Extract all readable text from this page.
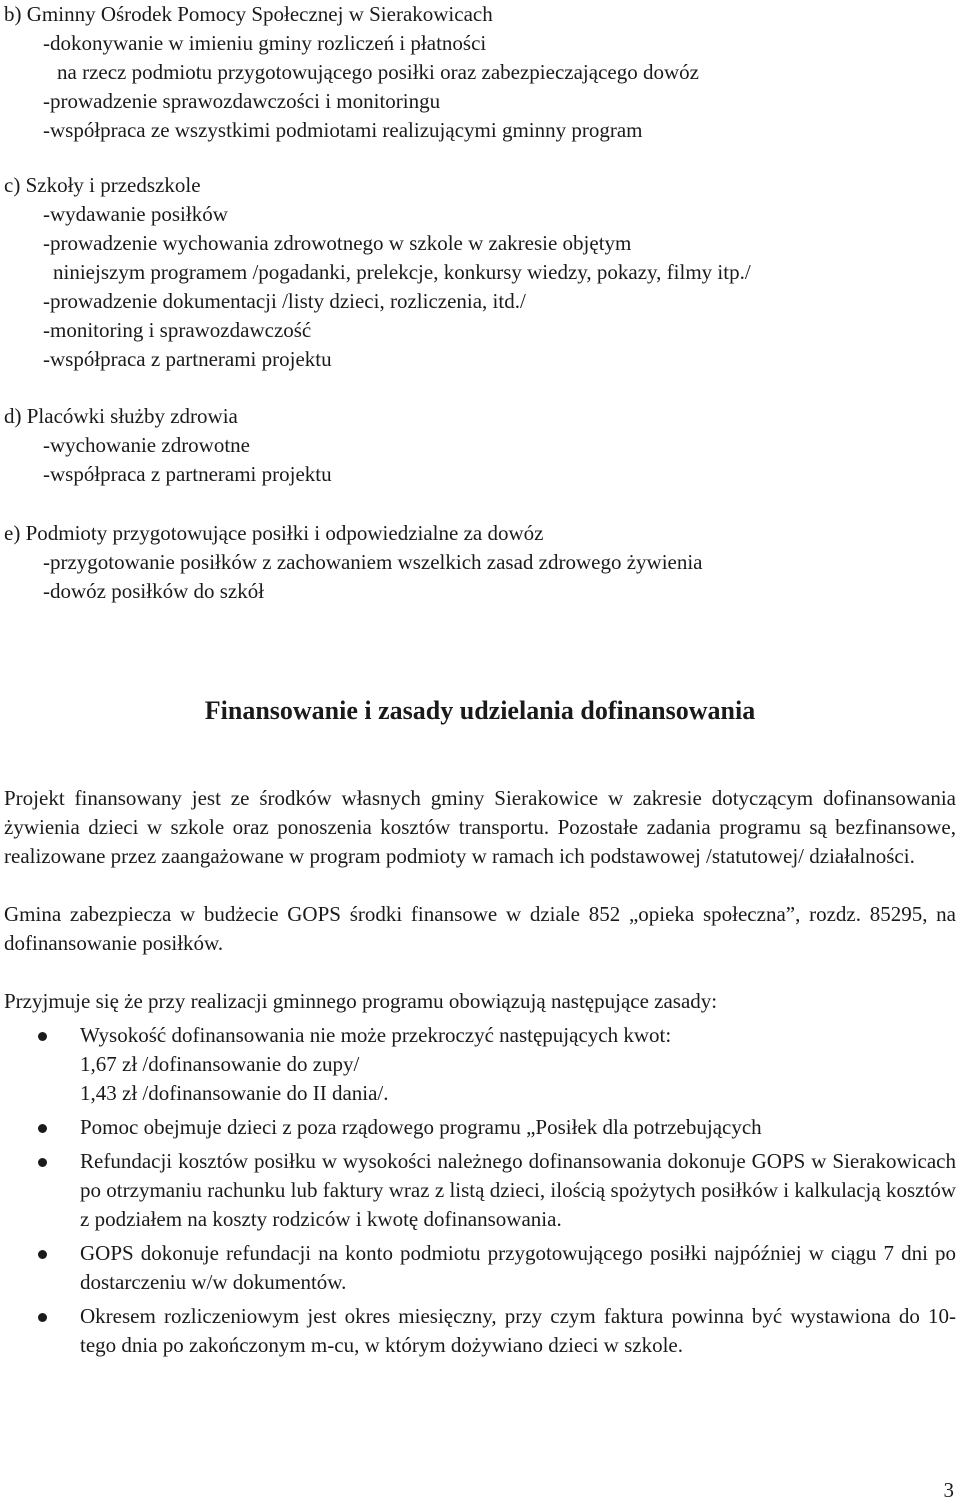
b) Gminny Ośrodek Pomocy Społecznej w Sierakowicach
-dokonywanie w imieniu gminy rozliczeń i płatności
na rzecz podmiotu przygotowującego posiłki oraz zabezpieczającego dowóz
-prowadzenie sprawozdawczości i monitoringu
-współpraca ze wszystkimi podmiotami realizującymi gminny program
c) Szkoły i przedszkole
-wydawanie posiłków
-prowadzenie wychowania zdrowotnego w szkole w zakresie objętym
niniejszym programem /pogadanki, prelekcje, konkursy wiedzy, pokazy, filmy itp./
-prowadzenie dokumentacji /listy dzieci, rozliczenia, itd./
-monitoring i sprawozdawczość
-współpraca z partnerami projektu
d) Placówki służby zdrowia
-wychowanie zdrowotne
-współpraca z partnerami projektu
e) Podmioty przygotowujące posiłki i odpowiedzialne za dowóz
-przygotowanie posiłków z zachowaniem wszelkich zasad zdrowego żywienia
-dowóz posiłków do szkół
Finansowanie i zasady udzielania dofinansowania
Projekt finansowany jest ze środków własnych gminy Sierakowice w zakresie dotyczącym dofinansowania żywienia dzieci w szkole oraz ponoszenia kosztów transportu. Pozostałe zadania programu są bezfinansowe, realizowane przez zaangażowane w program podmioty w ramach ich podstawowej /statutowej/ działalności.
Gmina zabezpiecza w budżecie GOPS środki finansowe w dziale 852 „opieka społeczna”, rozdz. 85295, na dofinansowanie posiłków.
Przyjmuje się że przy realizacji gminnego programu obowiązują następujące zasady:
Wysokość dofinansowania nie może przekroczyć następujących kwot:
1,67 zł /dofinansowanie do zupy/
1,43 zł /dofinansowanie do II dania/.
Pomoc obejmuje dzieci z poza rządowego programu „Posiłek dla potrzebujących
Refundacji kosztów posiłku w wysokości należnego dofinansowania dokonuje GOPS w Sierakowicach po otrzymaniu rachunku lub faktury wraz z listą dzieci, ilością spożytych posiłków i kalkulacją kosztów z podziałem na koszty rodziców i kwotę dofinansowania.
GOPS dokonuje refundacji na konto podmiotu przygotowującego posiłki najpóźniej w ciągu 7 dni po dostarczeniu w/w dokumentów.
Okresem rozliczeniowym jest okres miesięczny, przy czym faktura powinna być wystawiona do 10-tego dnia po zakończonym m-cu, w którym dożywiano dzieci w szkole.
3
